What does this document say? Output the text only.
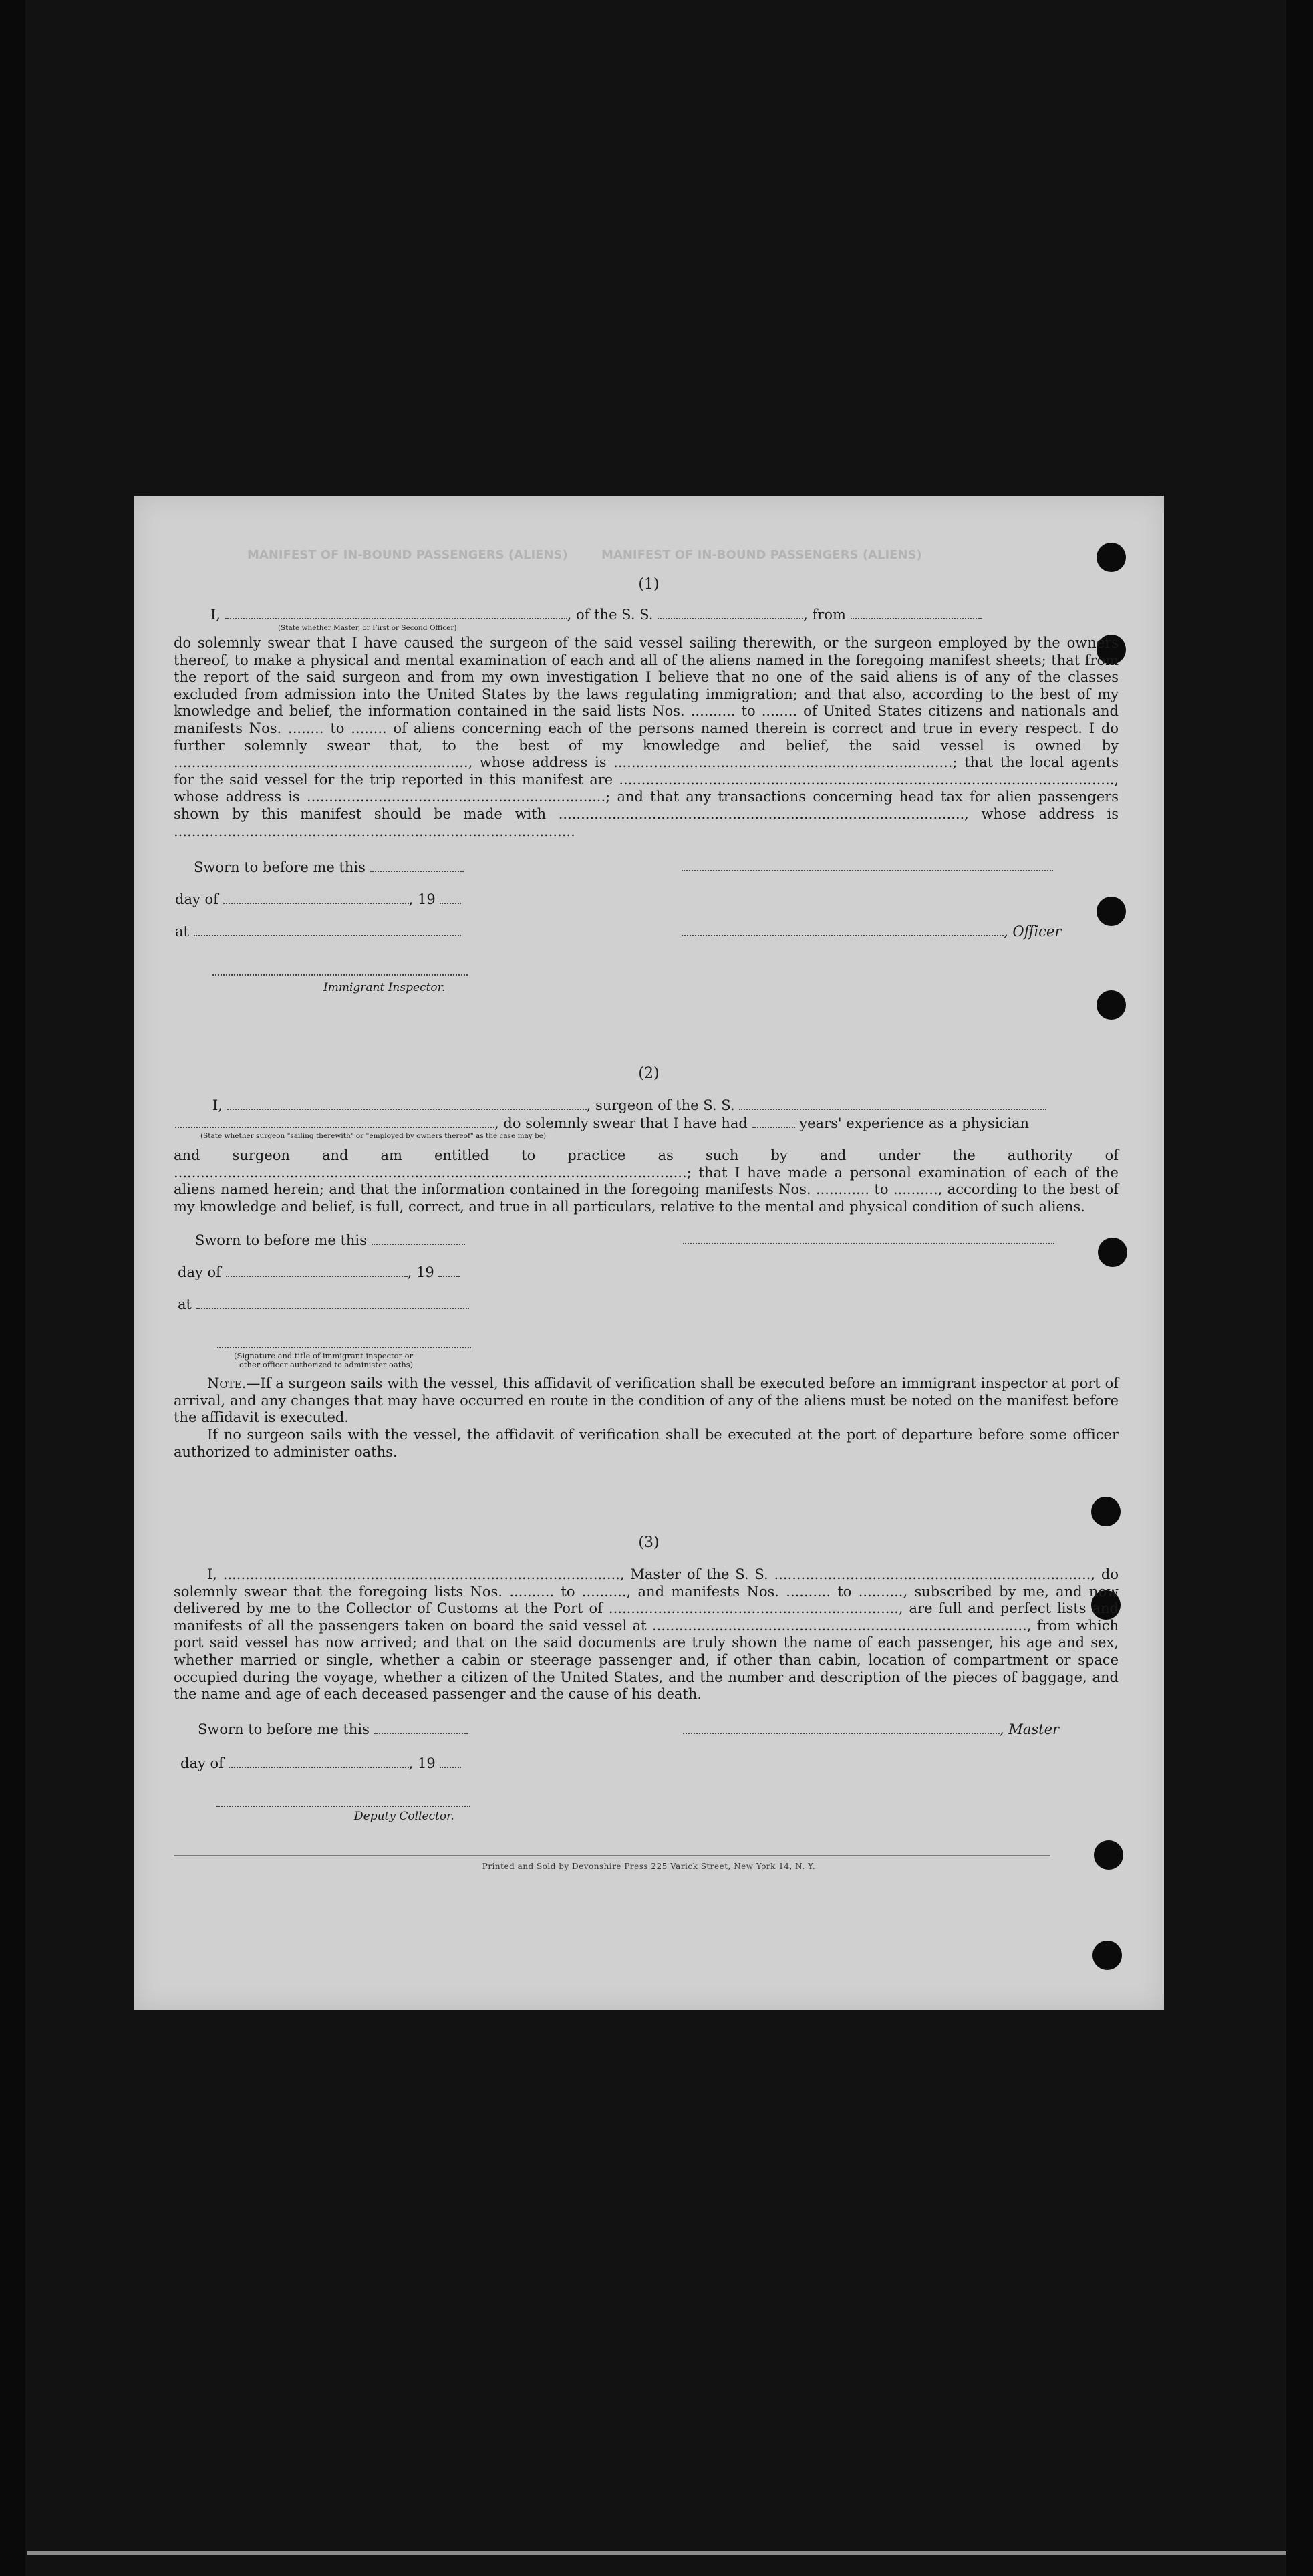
MANIFEST OF IN-BOUND PASSENGERS (ALIENS)	MANIFEST OF IN-BOUND PASSENGERS (ALIENS)
(1)
I,	, of the S. S.	, from
(State whether Master, or First or Second Officer)
do solemnly swear that I have caused the surgeon of the said vessel sailing therewith, or the surgeon employed by the owners thereof, to make a physical and mental examination of each and all of the aliens named in the foregoing manifest sheets; that from the report of the said surgeon and from my own investigation I believe that no one of the said aliens is of any of the classes excluded from admission into the United States by the laws regulating immigration; and that also, according to the best of my knowledge and belief, the information contained in the said lists Nos. .......... to ........ of United States citizens and nationals and manifests Nos. ........ to ........ of aliens concerning each of the persons named therein is correct and true in every respect. I do further solemnly swear that, to the best of my knowledge and belief, the said vessel is owned by .................................................................., whose address is ............................................................................; that the local agents for the said vessel for the trip reported in this manifest are ..............................................................................................................., whose address is ...................................................................; and that any transactions concerning head tax for alien passengers shown by this manifest should be made with ..........................................................................................., whose address is ..........................................................................................
Sworn to before me this
day of	, 19
at	, Officer
Immigrant Inspector.
(2)
I,	, surgeon of the S. S.
, do solemnly swear that I have had	years' experience as a physician
(State whether surgeon "sailing therewith" or "employed by owners thereof" as the case may be)
and surgeon and am entitled to practice as such by and under the authority of ...................................................................................................................; that I have made a personal examination of each of the aliens named herein; and that the information contained in the foregoing manifests Nos. ............ to .........., according to the best of my knowledge and belief, is full, correct, and true in all particulars, relative to the mental and physical condition of such aliens.
Sworn to before me this
day of	, 19
at
(Signature and title of immigrant inspector or
other officer authorized to administer oaths)
Note.—If a surgeon sails with the vessel, this affidavit of verification shall be executed before an immigrant inspector at port of arrival, and any changes that may have occurred en route in the condition of any of the aliens must be noted on the manifest before the affidavit is executed.
If no surgeon sails with the vessel, the affidavit of verification shall be executed at the port of departure before some officer authorized to administer oaths.
(3)
I, ........................................................................................., Master of the S. S. ......................................................................., do solemnly swear that the foregoing lists Nos. .......... to .........., and manifests Nos. .......... to .........., subscribed by me, and now delivered by me to the Collector of Customs at the Port of ................................................................., are full and perfect lists and manifests of all the passengers taken on board the said vessel at ...................................................................................., from which port said vessel has now arrived; and that on the said documents are truly shown the name of each passenger, his age and sex, whether married or single, whether a cabin or steerage passenger and, if other than cabin, location of compartment or space occupied during the voyage, whether a citizen of the United States, and the number and description of the pieces of baggage, and the name and age of each deceased passenger and the cause of his death.
Sworn to before me this	, Master
day of	, 19
Deputy Collector.
Printed and Sold by Devonshire Press 225 Varick Street, New York 14, N. Y.
